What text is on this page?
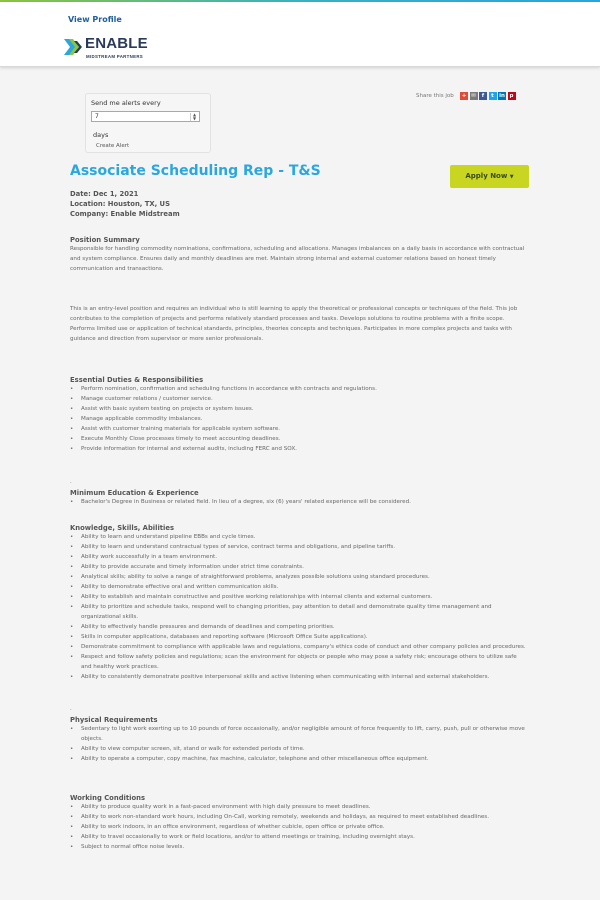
View Profile
ENABLE
MIDSTREAM PARTNERS
Send me alerts every
7	▲
▼
days
Create Alert
Share this job	+ ✉	f	t in p
Associate Scheduling Rep - T&S	Apply Now ▼
Date: Dec 1, 2021
Location: Houston, TX, US
Company: Enable Midstream

Position Summary

Responsible for handling commodity nominations, confirmations, scheduling and allocations. Manages imbalances on a daily basis in accordance with contractual and system compliance. Ensures daily and monthly deadlines are met. Maintain strong internal and external customer relations based on honest timely communication and transactions.

This is an entry-level position and requires an individual who is still learning to apply the theoretical or professional concepts or techniques of the field. This job contributes to the completion of projects and performs relatively standard processes and tasks. Develops solutions to routine problems with a finite scope. Performs limited use or application of technical standards, principles, theories concepts and techniques. Participates in more complex projects and tasks with guidance and direction from supervisor or more senior professionals.

Essential Duties & Responsibilities

• Perform nomination, confirmation and scheduling functions in accordance with contracts and regulations.
• Manage customer relations / customer service.
• Assist with basic system testing on projects or system issues.
• Manage applicable commodity imbalances.
• Assist with customer training materials for applicable system software.
• Execute Monthly Close processes timely to meet accounting deadlines.
• Provide information for internal and external audits, including FERC and SOX.
.

Minimum Education & Experience

• Bachelor's Degree in Business or related field. In lieu of a degree, six (6) years' related experience will be considered.

Knowledge, Skills, Abilities

• Ability to learn and understand pipeline EBBs and cycle times.
• Ability to learn and understand contractual types of service, contract terms and obligations, and pipeline tariffs.
• Ability work successfully in a team environment.
• Ability to provide accurate and timely information under strict time constraints.
• Analytical skills; ability to solve a range of straightforward problems, analyzes possible solutions using standard procedures.
• Ability to demonstrate effective oral and written communication skills.
• Ability to establish and maintain constructive and positive working relationships with internal clients and external customers.
• Ability to prioritize and schedule tasks, respond well to changing priorities, pay attention to detail and demonstrate quality time management and organizational skills.
• Ability to effectively handle pressures and demands of deadlines and competing priorities.
• Skills in computer applications, databases and reporting software (Microsoft Office Suite applications).
• Demonstrate commitment to compliance with applicable laws and regulations, company's ethics code of conduct and other company policies and procedures.
• Respect and follow safety policies and regulations; scan the environment for objects or people who may pose a safety risk; encourage others to utilize safe and healthy work practices.
• Ability to consistently demonstrate positive interpersonal skills and active listening when communicating with internal and external stakeholders.
.

Physical Requirements

• Sedentary to light work exerting up to 10 pounds of force occasionally, and/or negligible amount of force frequently to lift, carry, push, pull or otherwise move objects.
• Ability to view computer screen, sit, stand or walk for extended periods of time.
• Ability to operate a computer, copy machine, fax machine, calculator, telephone and other miscellaneous office equipment.

Working Conditions

• Ability to produce quality work in a fast-paced environment with high daily pressure to meet deadlines.
• Ability to work non-standard work hours, including On-Call, working remotely, weekends and holidays, as required to meet established deadlines.
• Ability to work indoors, in an office environment, regardless of whether cubicle, open office or private office.
• Ability to travel occasionally to work or field locations, and/or to attend meetings or training, including overnight stays.
• Subject to normal office noise levels.
